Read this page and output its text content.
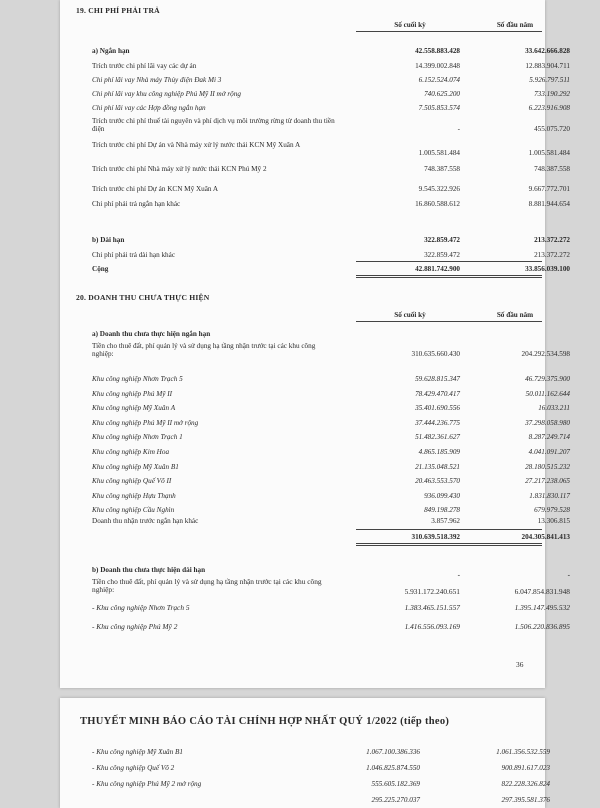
19. CHI PHÍ PHẢI TRẢ
Số cuối kỳ	Số đầu năm
a) Ngắn hạn	42.558.883.428	33.642.666.828
Trích trước chi phí lãi vay các dự án	14.399.002.848	12.883.904.711
Chi phí lãi vay Nhà máy Thủy điện Đak Mi 3	6.152.524.074	5.926.797.511
Chi phí lãi vay khu công nghiệp Phú Mỹ II mở rộng	740.625.200	733.190.292
Chi phí lãi vay các Hợp đồng ngắn hạn	7.505.853.574	6.223.916.908
Trích trước chi phí thuế tài nguyên và phí dịch vụ môi trường rừng từ doanh thu tiền điện	-	455.075.720
Trích trước chi phí Dự án và Nhà máy xử lý nước thải KCN Mỹ Xuân A
1.005.581.484	1.005.581.484
Trích trước chi phí Nhà máy xử lý nước thải KCN Phú Mỹ 2	748.387.558	748.387.558
Trích trước chi phí Dự án KCN Mỹ Xuân A	9.545.322.926	9.667.772.701
Chi phí phải trả ngắn hạn khác	16.860.588.612	8.881.944.654
b) Dài hạn	322.859.472	213.372.272
Chi phí phải trả dài hạn khác	322.859.472	213.372.272
Cộng	42.881.742.900	33.856.039.100
20. DOANH THU CHƯA THỰC HIỆN
Số cuối kỳ	Số đầu năm
a) Doanh thu chưa thực hiện ngắn hạn
Tiền cho thuê đất, phí quản lý và sử dụng hạ tầng nhận trước tại các khu công nghiệp:	310.635.660.430	204.292.534.598
Khu công nghiệp Nhơn Trạch 5	59.628.815.347	46.729.375.900
Khu công nghiệp Phú Mỹ II	78.429.470.417	50.011.162.644
Khu công nghiệp Mỹ Xuân A	35.401.690.556	16.033.211
Khu công nghiệp Phú Mỹ II mở rộng	37.444.236.775	37.298.058.980
Khu công nghiệp Nhơn Trạch 1	51.482.361.627	8.287.249.714
Khu công nghiệp Kim Hoa	4.865.185.909	4.041.091.207
Khu công nghiệp Mỹ Xuân B1	21.135.048.521	28.180.515.232
Khu công nghiệp Quế Võ II	20.463.553.570	27.217.238.065
Khu công nghiệp Hựu Thạnh	936.099.430	1.831.830.117
Khu công nghiệp Cầu Nghìn	849.198.278	679.979.528
Doanh thu nhận trước ngắn hạn khác	3.857.962	13.306.815
310.639.518.392	204.305.841.413
b) Doanh thu chưa thực hiện dài hạn
-	-
Tiền cho thuê đất, phí quản lý và sử dụng hạ tầng nhận trước tại các khu công nghiệp:	5.931.172.240.651	6.047.854.831.948
- Khu công nghiệp Nhơn Trạch 5	1.383.465.151.557	1.395.147.495.532
- Khu công nghiệp Phú Mỹ 2	1.416.556.093.169	1.506.220.836.895
36
THUYẾT MINH BÁO CÁO TÀI CHÍNH HỢP NHẤT QUÝ 1/2022 (tiếp theo)
- Khu công nghiệp Mỹ Xuân B1	1.067.100.386.336	1.061.356.532.559
- Khu công nghiệp Quế Võ 2	1.046.825.874.550	900.891.617.023
- Khu công nghiệp Phú Mỹ 2 mở rộng	555.605.182.369	822.228.326.824
295.225.270.037	297.395.581.376
